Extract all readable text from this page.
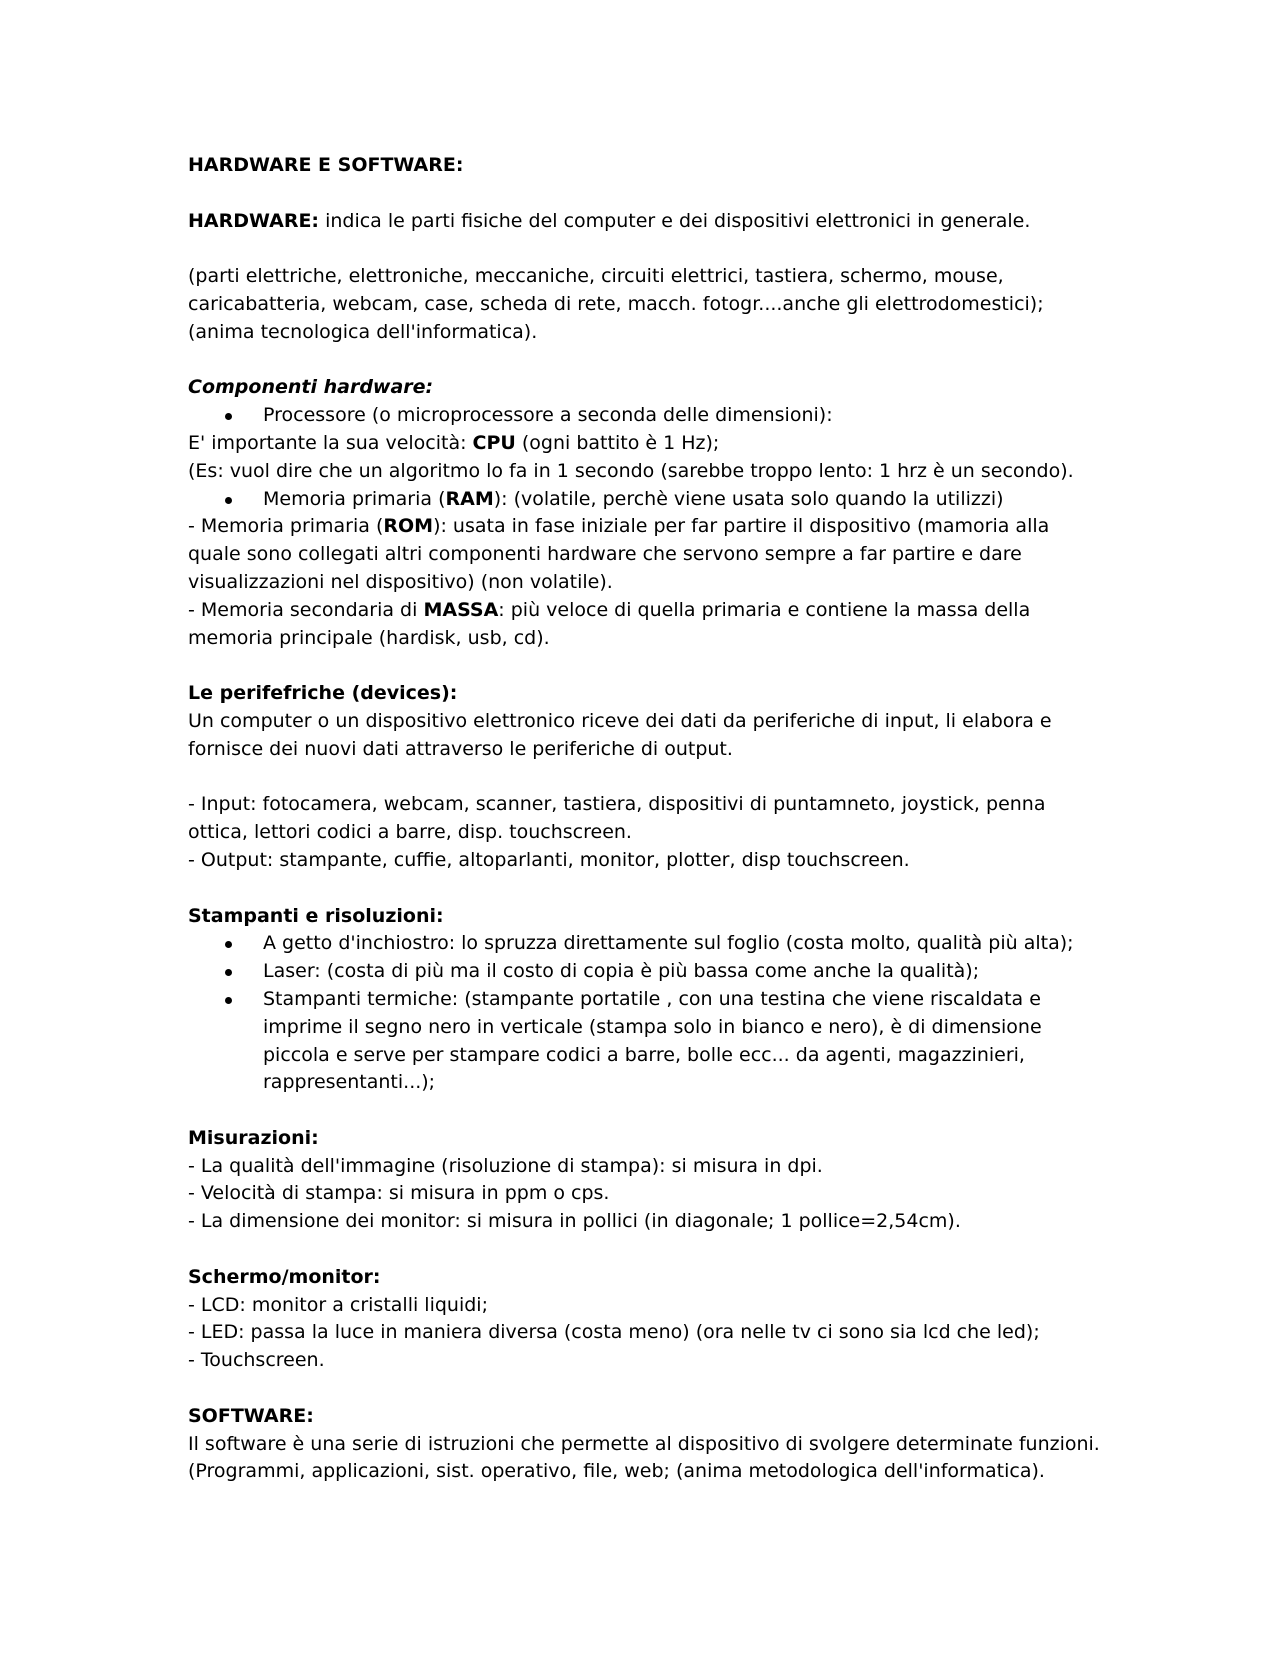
HARDWARE E SOFTWARE:

HARDWARE: indica le parti fisiche del computer e dei dispositivi elettronici in generale.

(parti elettriche, elettroniche, meccaniche, circuiti elettrici, tastiera, schermo, mouse, caricabatteria, webcam, case, scheda di rete, macch. fotogr....anche gli elettrodomestici); (anima tecnologica dell'informatica).

Componenti hardware:

Processore (o microprocessore a seconda delle dimensioni):

E' importante la sua velocità: CPU (ogni battito è 1 Hz);

(Es: vuol dire che un algoritmo lo fa in 1 secondo (sarebbe troppo lento: 1 hrz è un secondo).

Memoria primaria (RAM): (volatile, perchè viene usata solo quando la utilizzi)

- Memoria primaria (ROM): usata in fase iniziale per far partire il dispositivo (mamoria alla quale sono collegati altri componenti hardware che servono sempre a far partire e dare visualizzazioni nel dispositivo) (non volatile).

- Memoria secondaria di MASSA: più veloce di quella primaria e contiene la massa della memoria principale (hardisk, usb, cd).

Le perifefriche (devices):

Un computer o un dispositivo elettronico riceve dei dati da periferiche di input, li elabora e fornisce dei nuovi dati attraverso le periferiche di output.

- Input: fotocamera, webcam, scanner, tastiera, dispositivi di puntamneto, joystick, penna ottica, lettori codici a barre, disp. touchscreen.

- Output: stampante, cuffie, altoparlanti, monitor, plotter, disp touchscreen.

Stampanti e risoluzioni:

A getto d'inchiostro: lo spruzza direttamente sul foglio (costa molto, qualità più alta);
Laser: (costa di più ma il costo di copia è più bassa come anche la qualità);
Stampanti termiche: (stampante portatile , con una testina che viene riscaldata e imprime il segno nero in verticale (stampa solo in bianco e nero), è di dimensione piccola e serve per stampare codici a barre, bolle ecc... da agenti, magazzinieri, rappresentanti...);

Misurazioni:

- La qualità dell'immagine (risoluzione di stampa): si misura in dpi.

- Velocità di stampa: si misura in ppm o cps.

- La dimensione dei monitor: si misura in pollici (in diagonale; 1 pollice=2,54cm).

Schermo/monitor:

- LCD: monitor a cristalli liquidi;

- LED: passa la luce in maniera diversa (costa meno) (ora nelle tv ci sono sia lcd che led);

- Touchscreen.

SOFTWARE:

Il software è una serie di istruzioni che permette al dispositivo di svolgere determinate funzioni.

(Programmi, applicazioni, sist. operativo, file, web; (anima metodologica dell'informatica).
